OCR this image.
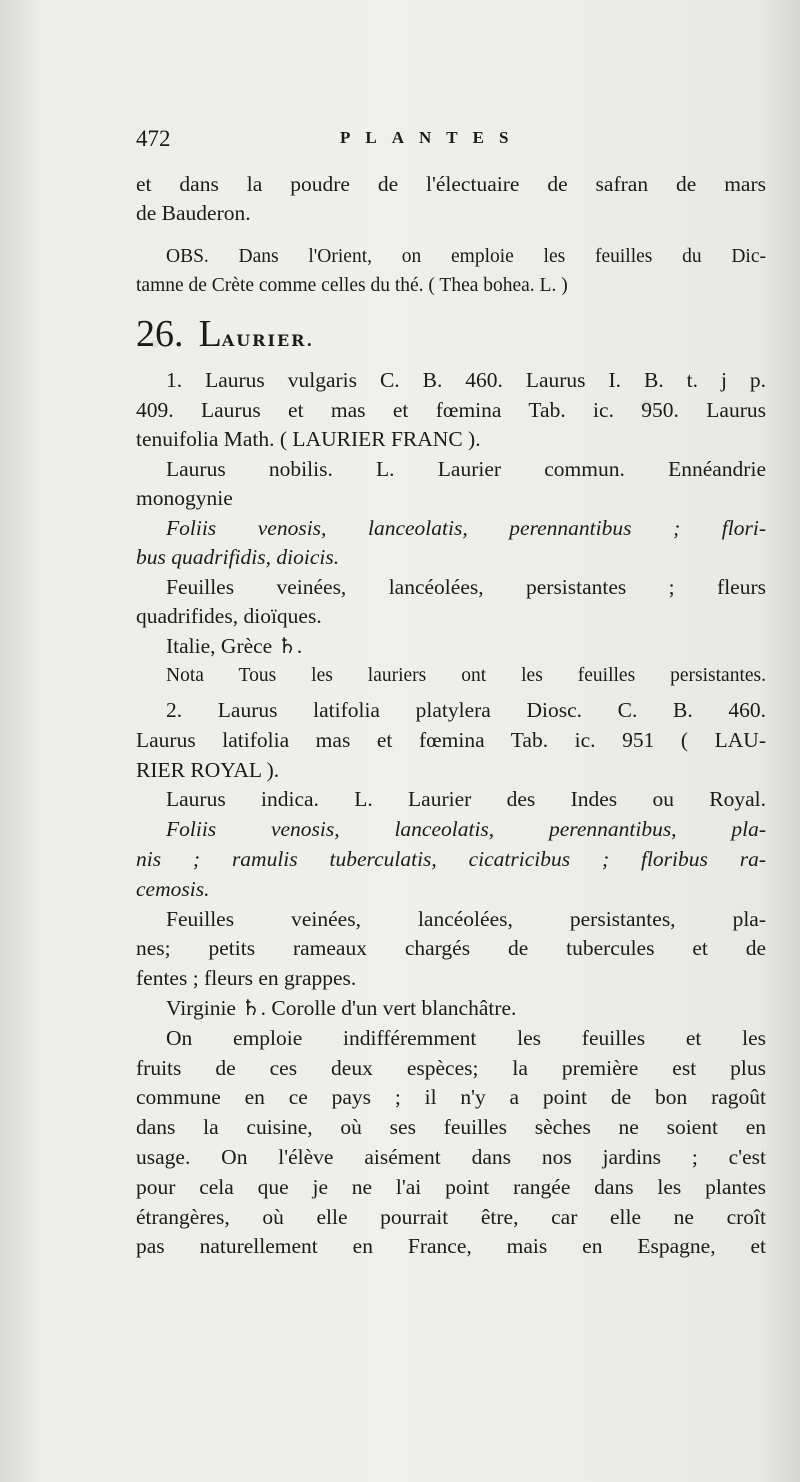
472	PLANTES
et dans la poudre de l'électuaire de safran de mars
de Bauderon.
OBS. Dans l'Orient, on emploie les feuilles du Dic-
tamne de Crète comme celles du thé. ( Thea bohea. L. )
26. LAURIER.
1. Laurus vulgaris C. B. 460. Laurus I. B. t. j p.
409. Laurus et mas et fœmina Tab. ic. 950. Laurus
tenuifolia Math. ( LAURIER FRANC ).
Laurus nobilis. L. Laurier commun. Ennéandrie
monogynie
Foliis venosis, lanceolatis, perennantibus ; flori-
bus quadrifidis, dioicis.
Feuilles veinées, lancéolées, persistantes ; fleurs
quadrifides, dioïques.
Italie, Grèce ♄.
Nota Tous les lauriers ont les feuilles persistantes.
2. Laurus latifolia platylera Diosc. C. B. 460.
Laurus latifolia mas et fœmina Tab. ic. 951 ( LAU-
RIER ROYAL ).
Laurus indica. L. Laurier des Indes ou Royal.
Foliis venosis, lanceolatis, perennantibus, pla-
nis ; ramulis tuberculatis, cicatricibus ; floribus ra-
cemosis.
Feuilles veinées, lancéolées, persistantes, pla-
nes; petits rameaux chargés de tubercules et de
fentes ; fleurs en grappes.
Virginie ♄. Corolle d'un vert blanchâtre.
On emploie indifféremment les feuilles et les
fruits de ces deux espèces; la première est plus
commune en ce pays ; il n'y a point de bon ragoût
dans la cuisine, où ses feuilles sèches ne soient en
usage. On l'élève aisément dans nos jardins ; c'est
pour cela que je ne l'ai point rangée dans les plantes
étrangères, où elle pourrait être, car elle ne croît
pas naturellement en France, mais en Espagne, et
